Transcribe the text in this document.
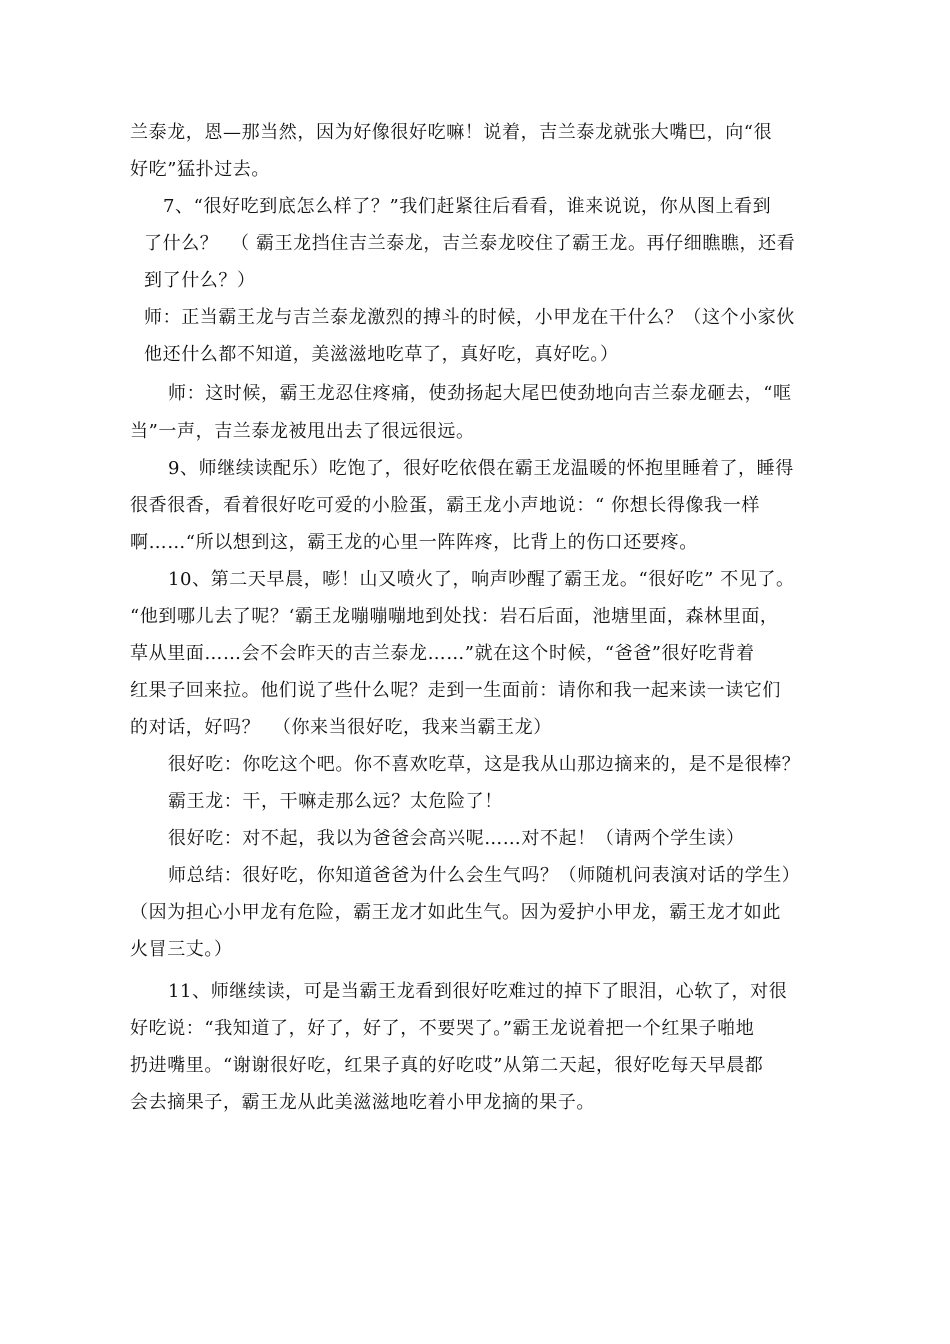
兰泰龙，恩—那当然，因为好像很好吃嘛！说着，吉兰泰龙就张大嘴巴，向“很
好吃”猛扑过去。
7、“很好吃到底怎么样了？”我们赶紧往后看看，谁来说说，你从图上看到
了什么？  （ 霸王龙挡住吉兰泰龙，吉兰泰龙咬住了霸王龙。再仔细瞧瞧，还看
到了什么？）
师：正当霸王龙与吉兰泰龙激烈的搏斗的时候，小甲龙在干什么？（这个小家伙
他还什么都不知道，美滋滋地吃草了，真好吃，真好吃。）
师：这时候，霸王龙忍住疼痛，使劲扬起大尾巴使劲地向吉兰泰龙砸去，“哐
当”一声，吉兰泰龙被甩出去了很远很远。
9、师继续读配乐）吃饱了，很好吃依偎在霸王龙温暖的怀抱里睡着了，睡得
很香很香，看着很好吃可爱的小脸蛋，霸王龙小声地说：“ 你想长得像我一样
啊……“所以想到这，霸王龙的心里一阵阵疼，比背上的伤口还要疼。
10、第二天早晨，嘭！山又喷火了，响声吵醒了霸王龙。“很好吃” 不见了。
“他到哪儿去了呢？‘霸王龙嘣嘣嘣地到处找：岩石后面，池塘里面，森林里面，
草从里面……会不会昨天的吉兰泰龙……”就在这个时候，“爸爸”很好吃背着
红果子回来拉。他们说了些什么呢？走到一生面前：请你和我一起来读一读它们
的对话，好吗？  （你来当很好吃，我来当霸王龙）
很好吃：你吃这个吧。你不喜欢吃草，这是我从山那边摘来的，是不是很棒？
霸王龙：干，干嘛走那么远？太危险了！
很好吃：对不起，我以为爸爸会高兴呢……对不起！（请两个学生读）
师总结：很好吃，你知道爸爸为什么会生气吗？（师随机问表演对话的学生）
（因为担心小甲龙有危险，霸王龙才如此生气。因为爱护小甲龙，霸王龙才如此
火冒三丈。）
11、师继续读，可是当霸王龙看到很好吃难过的掉下了眼泪，心软了，对很
好吃说：“我知道了，好了，好了，不要哭了。”霸王龙说着把一个红果子啪地
扔进嘴里。“谢谢很好吃，红果子真的好吃哎”从第二天起，很好吃每天早晨都
会去摘果子，霸王龙从此美滋滋地吃着小甲龙摘的果子。
